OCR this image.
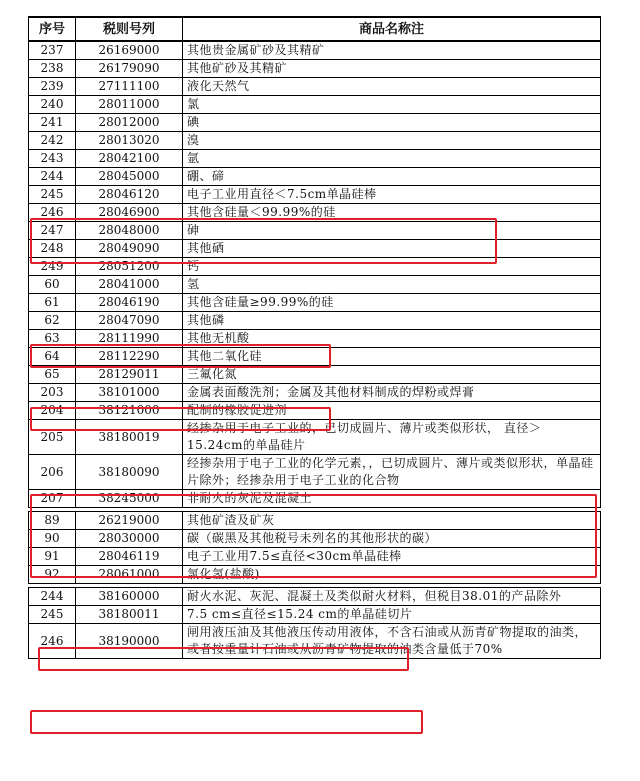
序号	税则号列	商品名称注
237	26169000	其他贵金属矿砂及其精矿
238	26179090	其他矿砂及其精矿
239	27111100	液化天然气
240	28011000	氯
241	28012000	碘
242	28013020	溴
243	28042100	氩
244	28045000	硼、碲
245	28046120	电子工业用直径＜7.5cm单晶硅棒
246	28046900	其他含硅量＜99.99%的硅
247	28048000	砷
248	28049090	其他硒
249	28051200	钙
60	28041000	氢
61	28046190	其他含硅量≥99.99%的硅
62	28047090	其他磷
63	28111990	其他无机酸
64	28112290	其他二氧化硅
65	28129011	三氟化氮
203	38101000	金属表面酸洗剂；金属及其他材料制成的焊粉或焊膏
204	38121000	配制的橡胶促进剂
205	38180019	经掺杂用于电子工业的，已切成圆片、薄片或类似形状， 直径＞15.24cm的单晶硅片
206	38180090	经掺杂用于电子工业的化学元素，，已切成圆片、薄片或类似形状，单晶硅片除外；经掺杂用于电子工业的化合物
207	38245000	非耐火的灰泥及混凝土

89	26219000	其他矿渣及矿灰
90	28030000	碳（碳黑及其他税号未列名的其他形状的碳）
91	28046119	电子工业用7.5≤直径<30cm单晶硅棒
92	28061000	氯化氢(盐酸)

244	38160000	耐火水泥、灰泥、混凝土及类似耐火材料，但税目38.01的产品除外
245	38180011	7.5 cm≤直径≤15.24 cm的单晶硅切片
246	38190000	闸用液压油及其他液压传动用液体，不含石油或从沥青矿物提取的油类，或者按重量计石油或从沥青矿物提取的油类含量低于70%
